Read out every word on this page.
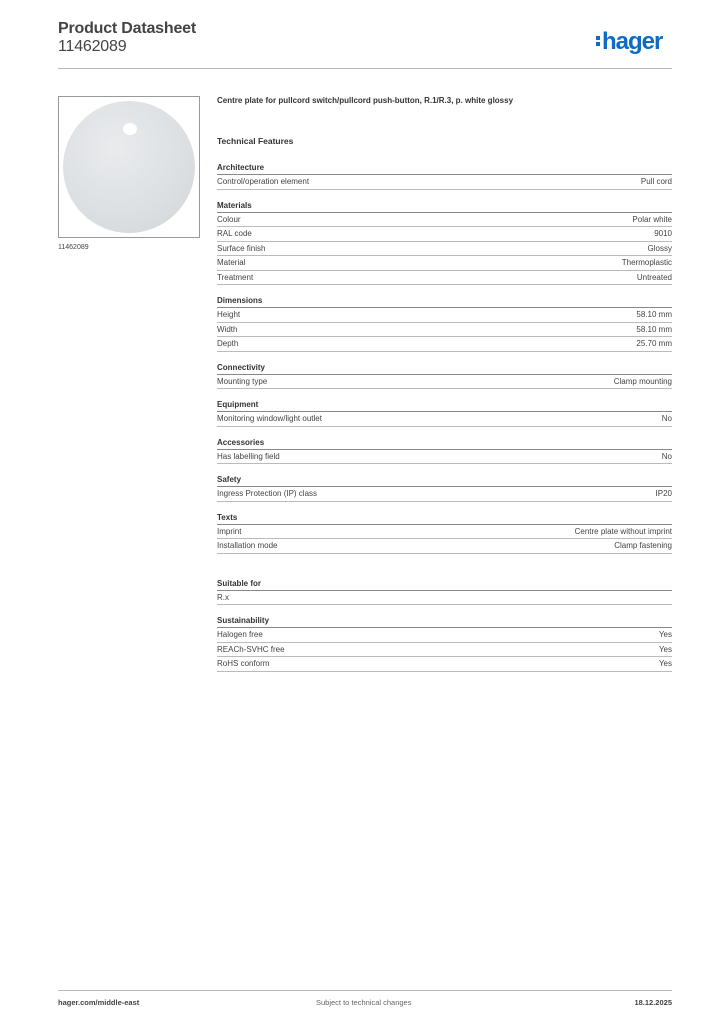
Product Datasheet
11462089	hager
11462089
Centre plate for pullcord switch/pullcord push-button, R.1/R.3, p. white glossy
Technical Features
Architecture
Control/operation element	Pull cord
Materials
Colour	Polar white
RAL code	9010
Surface finish	Glossy
Material	Thermoplastic
Treatment	Untreated
Dimensions
Height	58.10 mm
Width	58.10 mm
Depth	25.70 mm
Connectivity
Mounting type	Clamp mounting
Equipment
Monitoring window/light outlet	No
Accessories
Has labelling field	No
Safety
Ingress Protection (IP) class	IP20
Texts
Imprint	Centre plate without imprint
Installation mode	Clamp fastening
Suitable for
R.x
Sustainability
Halogen free	Yes
REACh-SVHC free	Yes
RoHS conform	Yes
hager.com/middle-east	Subject to technical changes	18.12.2025
